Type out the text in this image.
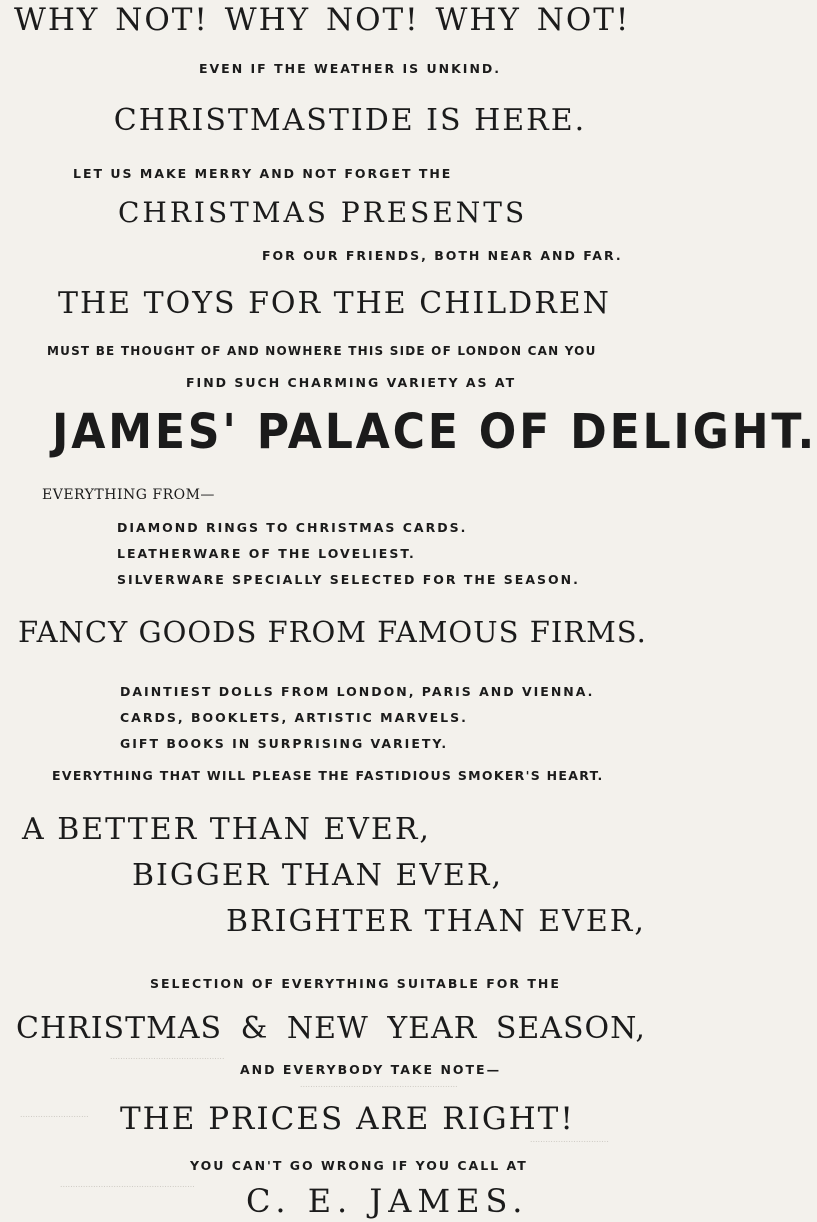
.............................................
..............................................................
...........................
...............................
.....................................................
WHY NOT! WHY NOT! WHY NOT!
EVEN IF THE WEATHER IS UNKIND.
CHRISTMASTIDE IS HERE.
LET US MAKE MERRY AND NOT FORGET THE
CHRISTMAS PRESENTS
FOR OUR FRIENDS, BOTH NEAR AND FAR.
THE TOYS FOR THE CHILDREN
MUST BE THOUGHT OF AND NOWHERE THIS SIDE OF LONDON CAN YOU
FIND SUCH CHARMING VARIETY AS AT
JAMES' PALACE OF DELIGHT.
EVERYTHING FROM—
DIAMOND RINGS TO CHRISTMAS CARDS.
LEATHERWARE OF THE LOVELIEST.
SILVERWARE SPECIALLY SELECTED FOR THE SEASON.
FANCY GOODS FROM FAMOUS FIRMS.
DAINTIEST DOLLS FROM LONDON, PARIS AND VIENNA.
CARDS, BOOKLETS, ARTISTIC MARVELS.
GIFT BOOKS IN SURPRISING VARIETY.
EVERYTHING THAT WILL PLEASE THE FASTIDIOUS SMOKER'S HEART.
A BETTER THAN EVER,
BIGGER THAN EVER,
BRIGHTER THAN EVER,
SELECTION OF EVERYTHING SUITABLE FOR THE
CHRISTMAS & NEW YEAR SEASON,
AND EVERYBODY TAKE NOTE—
THE PRICES ARE RIGHT!
YOU CAN'T GO WRONG IF YOU CALL AT
C. E. JAMES.
